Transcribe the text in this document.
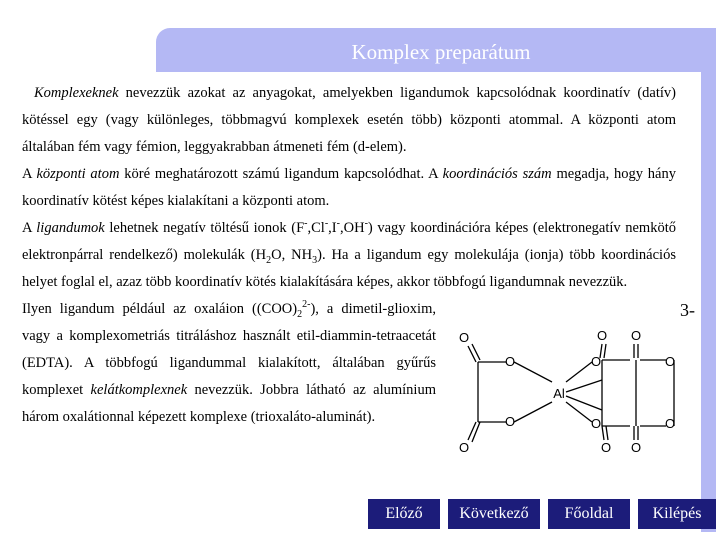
Komplex preparátum

Komplexeknek nevezzük azokat az anyagokat, amelyekben ligandumok kapcsolódnak koordinatív (datív) kötéssel egy (vagy különleges, többmagvú komplexek esetén több) központi atommal. A központi atom általában fém vagy fémion, leggyakrabban átmeneti fém (d-elem).

A központi atom köré meghatározott számú ligandum kapcsolódhat. A koordinációs szám megadja, hogy hány koordinatív kötést képes kialakítani a központi atom.

A ligandumok lehetnek negatív töltésű ionok (F-,Cl-,I-,OH-) vagy koordinációra képes (elektronegatív nemkötő elektronpárral rendelkező) molekulák ($H_2O$, $NH_3$). Ha a ligandum egy molekulája (ionja) több koordinációs helyet foglal el, azaz több koordinatív kötés kialakítására képes, akkor többfogú ligandumnak nevezzük.

Ilyen ligandum például az oxaláion $((COO)_2^{2-})$, a dimetil-glioxim, vagy a komplexometriás titráláshoz használt etil-diammin-tetraacetát (EDTA). A többfogú ligandummal kialakított, általában gyűrűs komplexet kelátkomplexnek nevezzük. Jobbra látható az alumínium három oxalátionnal képezett komplexe (trioxaláto-aluminát).

3-
O
O
O
O
O
O O
O
O O
O
O
Al
Előző	Következő	Főoldal	Kilépés
